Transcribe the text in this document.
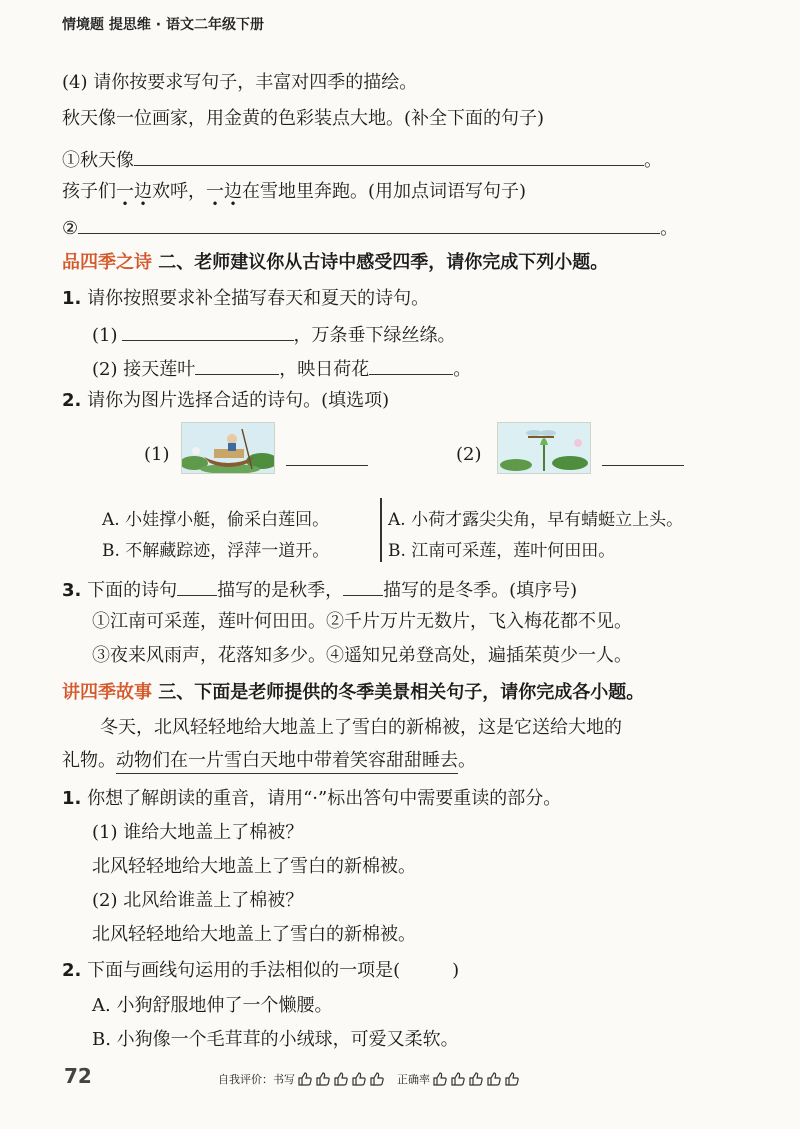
情境题 提思维 · 语文二年级下册
(4) 请你按要求写句子，丰富对四季的描绘。
秋天像一位画家，用金黄的色彩装点大地。(补全下面的句子)
①秋天像	。
孩子们一边欢呼，一边在雪地里奔跑。(用加点词语写句子)
②	。
品四季之诗 二、老师建议你从古诗中感受四季，请你完成下列小题。
1. 请你按照要求补全描写春天和夏天的诗句。
(1)	，万条垂下绿丝绦。
(2) 接天莲叶	，映日荷花	。
2. 请你为图片选择合适的诗句。(填选项)
(1)	(2)
A. 小娃撑小艇，偷采白莲回。
B. 不解藏踪迹，浮萍一道开。
A. 小荷才露尖尖角，早有蜻蜓立上头。
B. 江南可采莲，莲叶何田田。
3. 下面的诗句 描写的是秋季， 描写的是冬季。(填序号)
①江南可采莲，莲叶何田田。②千片万片无数片，飞入梅花都不见。
③夜来风雨声，花落知多少。④遥知兄弟登高处，遍插茱萸少一人。
讲四季故事 三、下面是老师提供的冬季美景相关句子，请你完成各小题。
冬天，北风轻轻地给大地盖上了雪白的新棉被，这是它送给大地的
礼物。动物们在一片雪白天地中带着笑容甜甜睡去。
1. 你想了解朗读的重音，请用“·”标出答句中需要重读的部分。
(1) 谁给大地盖上了棉被？
北风轻轻地给大地盖上了雪白的新棉被。
(2) 北风给谁盖上了棉被？
北风轻轻地给大地盖上了雪白的新棉被。
2. 下面与画线句运用的手法相似的一项是(	)
A. 小狗舒服地伸了一个懒腰。
B. 小狗像一个毛茸茸的小绒球，可爱又柔软。
72	自我评价：书写	正确率
